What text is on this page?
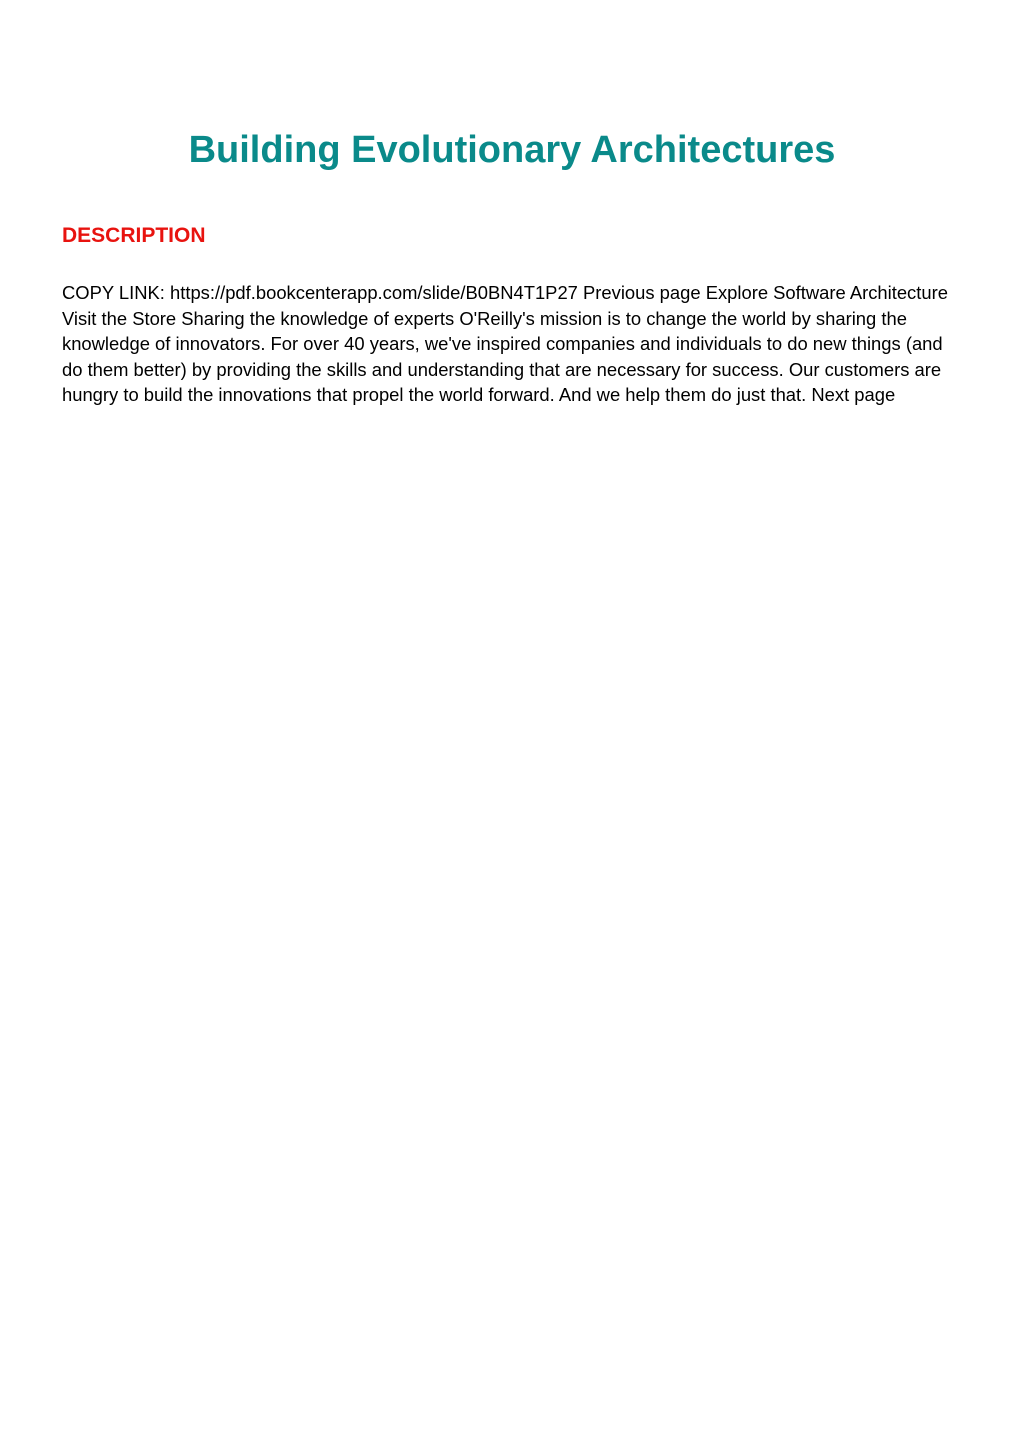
Building Evolutionary Architectures
DESCRIPTION

COPY LINK: https://pdf.bookcenterapp.com/slide/B0BN4T1P27 Previous page Explore Software Architecture Visit the Store Sharing the knowledge of experts O'Reilly's mission is to change the world by sharing the knowledge of innovators. For over 40 years, we've inspired companies and individuals to do new things (and do them better) by providing the skills and understanding that are necessary for success. Our customers are hungry to build the innovations that propel the world forward. And we help them do just that. Next page
